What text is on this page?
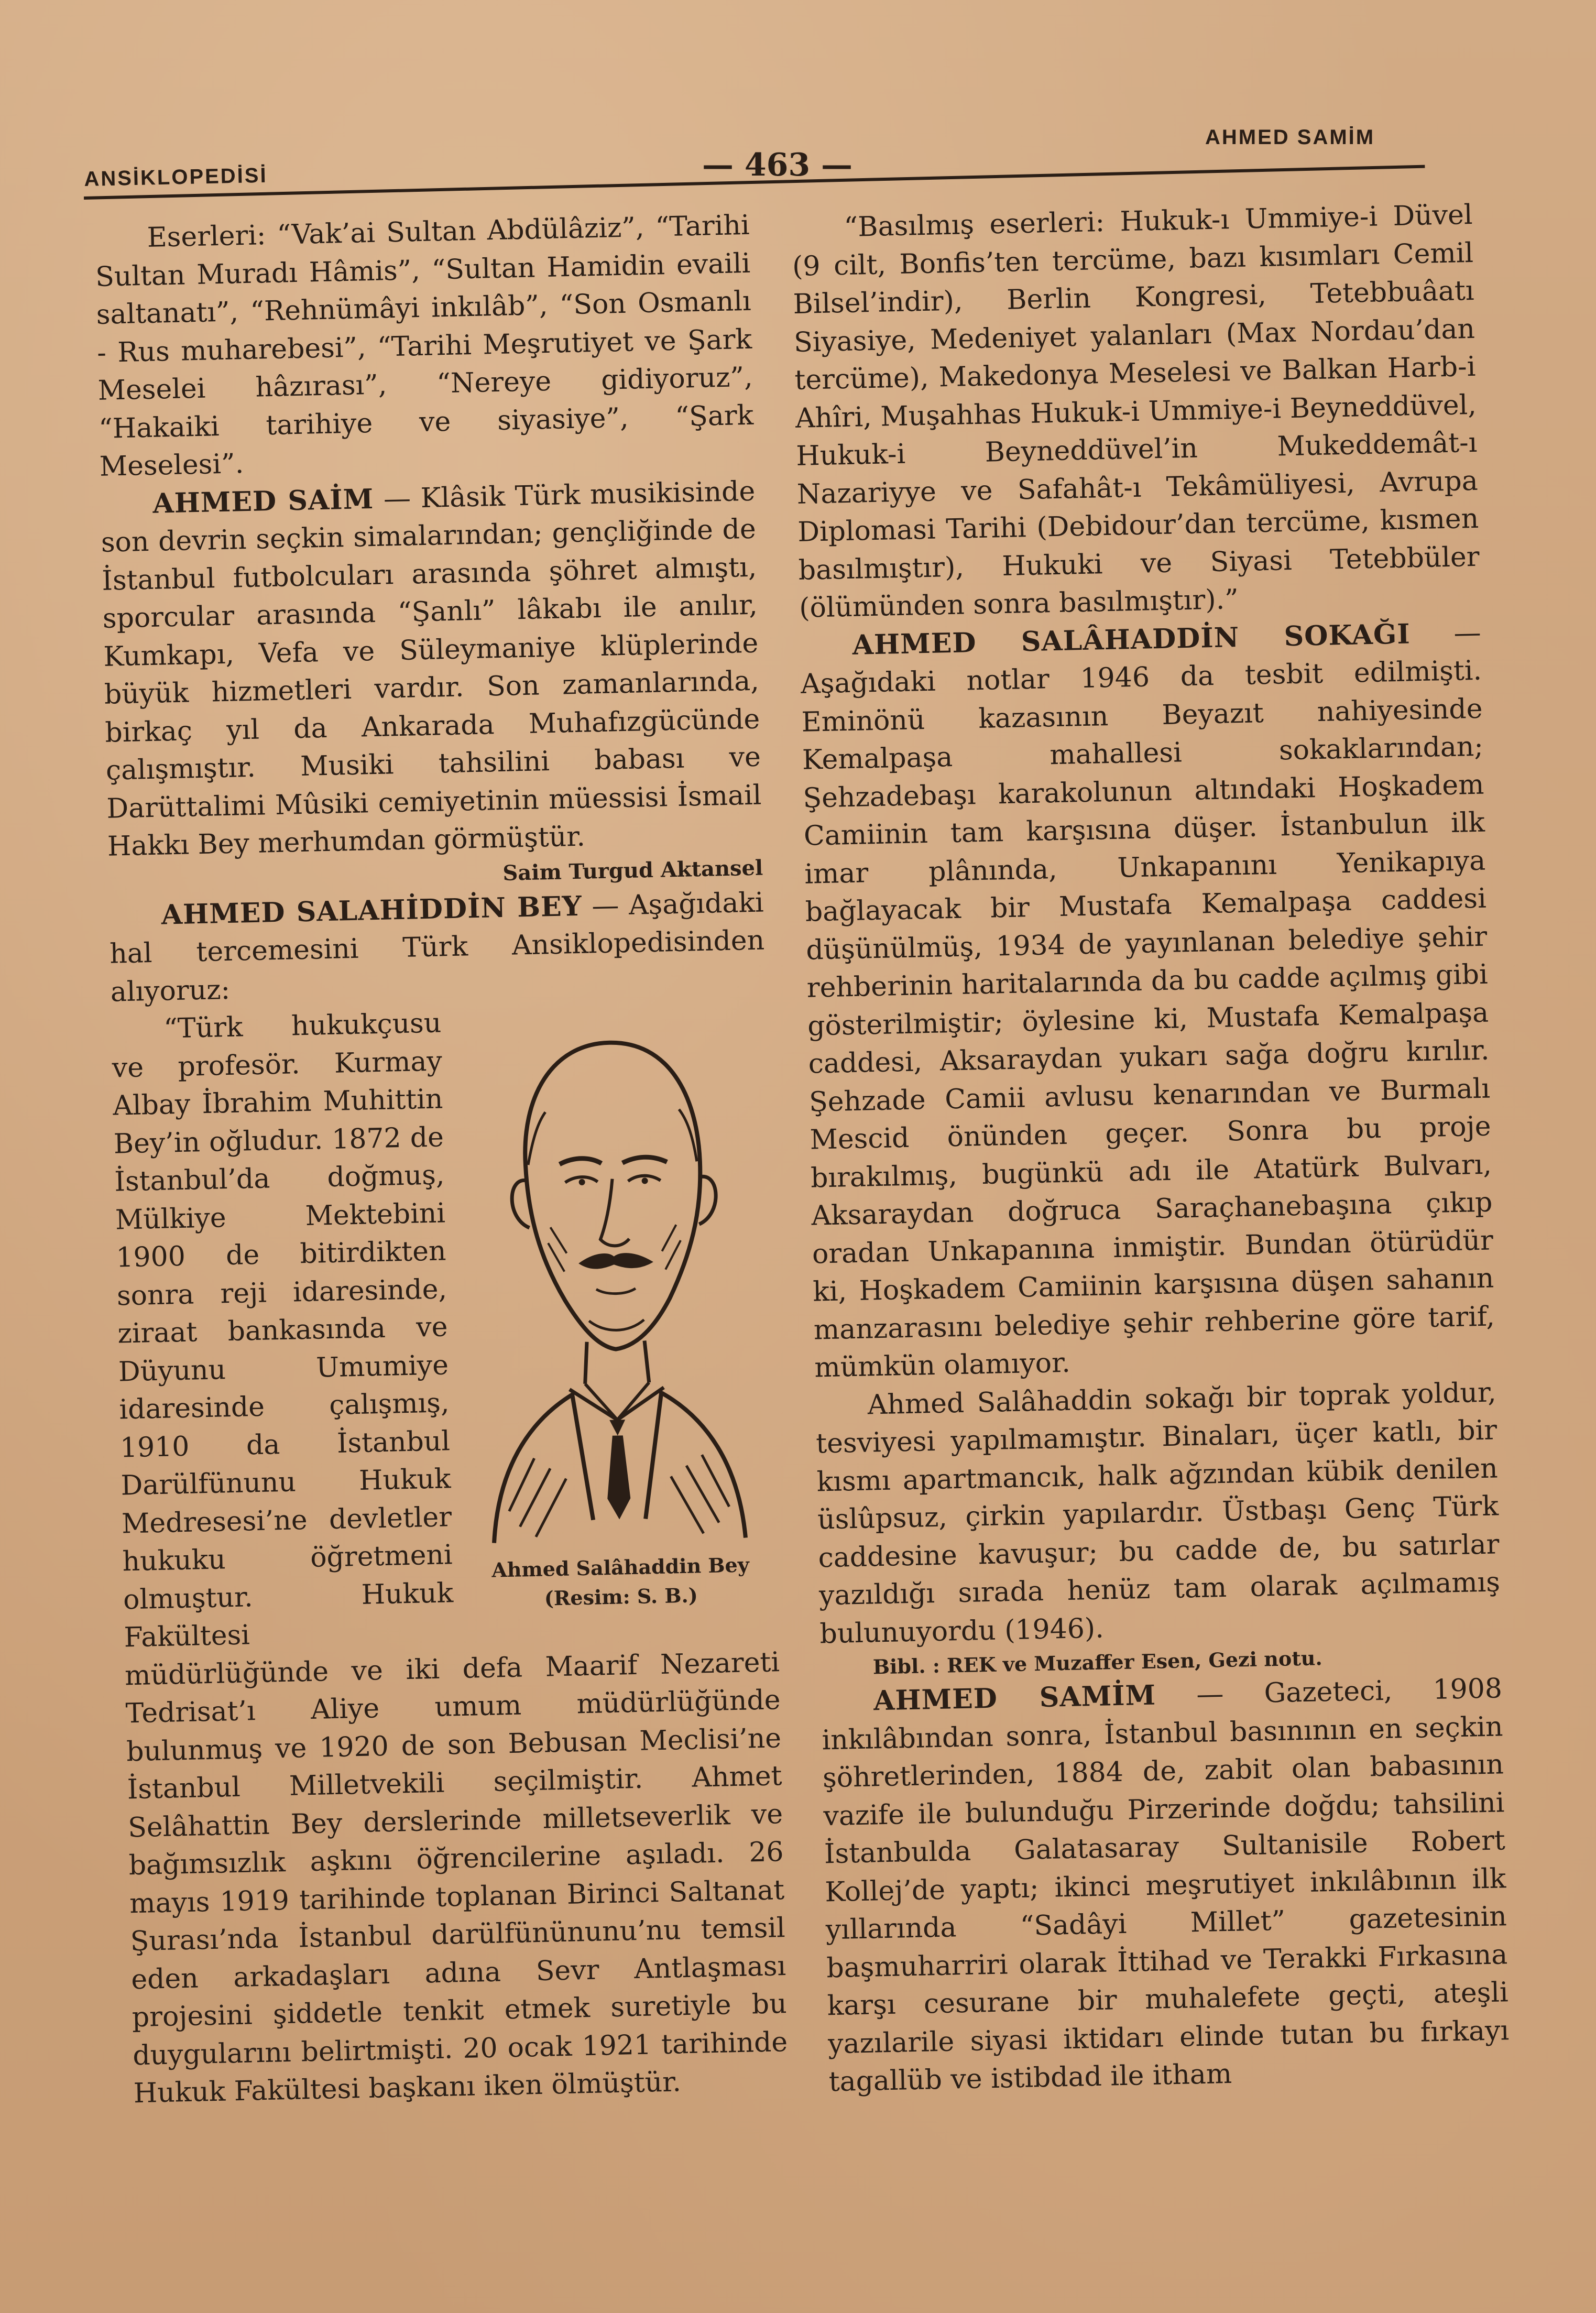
ANSİKLOPEDİSİ	— 463 —
AHMED SAMİM

Eserleri: “Vak’ai Sultan Abdülâziz”, “Tarihi Sultan Muradı Hâmis”, “Sultan Hamidin evaili saltanatı”, “Rehnümâyi inkılâb”, “Son Osmanlı - Rus muharebesi”, “Tarihi Meşrutiyet ve Şark Meselei hâzırası”, “Nereye gidiyoruz”, “Hakaiki tarihiye ve siyasiye”, “Şark Meselesi”.

AHMED SAİM — Klâsik Türk musikisinde son devrin seçkin simalarından; gençliğinde de İstanbul futbolcuları arasında şöhret almıştı, sporcular arasında “Şanlı” lâkabı ile anılır, Kumkapı, Vefa ve Süleymaniye klüplerinde büyük hizmetleri vardır. Son zamanlarında, birkaç yıl da Ankarada Muhafızgücünde çalışmıştır. Musiki tahsilini babası ve Darüttalimi Mûsiki cemiyetinin müessisi İsmail Hakkı Bey merhumdan görmüştür.

Saim Turgud Aktansel

AHMED SALAHİDDİN BEY — Aşağıdaki hal tercemesini Türk Ansiklopedisinden alıyoruz:

Ahmed Salâhaddin Bey
(Resim: S. B.)

“Türk hukukçusu ve profesör. Kurmay Albay İbrahim Muhittin Bey’in oğludur. 1872 de İstanbul’da doğmuş, Mülkiye Mektebini 1900 de bitirdikten sonra reji idaresinde, ziraat bankasında ve Düyunu Umumiye idaresinde çalışmış, 1910 da İstanbul Darülfünunu Hukuk Medresesi’ne devletler hukuku öğretmeni olmuştur. Hukuk Fakültesi müdürlüğünde ve iki defa Maarif Nezareti Tedrisat’ı Aliye umum müdürlüğünde bulunmuş ve 1920 de son Bebusan Meclisi’ne İstanbul Milletvekili seçilmiştir. Ahmet Selâhattin Bey derslerinde milletseverlik ve bağımsızlık aşkını öğrencilerine aşıladı. 26 mayıs 1919 tarihinde toplanan Birinci Saltanat Şurası’nda İstanbul darülfününunu’nu temsil eden arkadaşları adına Sevr Antlaşması projesini şiddetle tenkit etmek suretiyle bu duygularını belirtmişti. 20 ocak 1921 tarihinde Hukuk Fakültesi başkanı iken ölmüştür.

“Basılmış eserleri: Hukuk-ı Ummiye-i Düvel (9 cilt, Bonfis’ten tercüme, bazı kısımları Cemil Bilsel’indir), Berlin Kongresi, Tetebbuâatı Siyasiye, Medeniyet yalanları (Max Nordau’dan tercüme), Makedonya Meselesi ve Balkan Harb-i Ahîri, Muşahhas Hukuk-i Ummiye-i Beyneddüvel, Hukuk-i Beyneddüvel’in Mukeddemât-ı Nazariyye ve Safahât-ı Tekâmüliyesi, Avrupa Diplomasi Tarihi (Debidour’dan tercüme, kısmen basılmıştır), Hukuki ve Siyasi Tetebbüler (ölümünden sonra basılmıştır).”

AHMED SALÂHADDİN SOKAĞI — Aşağıdaki notlar 1946 da tesbit edilmişti. Eminönü kazasının Beyazıt nahiyesinde Kemalpaşa mahallesi sokaklarından; Şehzadebaşı karakolunun altındaki Hoşkadem Camiinin tam karşısına düşer. İstanbulun ilk imar plânında, Unkapanını Yenikapıya bağlayacak bir Mustafa Kemalpaşa caddesi düşünülmüş, 1934 de yayınlanan belediye şehir rehberinin haritalarında da bu cadde açılmış gibi gösterilmiştir; öylesine ki, Mustafa Kemalpaşa caddesi, Aksaraydan yukarı sağa doğru kırılır. Şehzade Camii avlusu kenarından ve Burmalı Mescid önünden geçer. Sonra bu proje bırakılmış, bugünkü adı ile Atatürk Bulvarı, Aksaraydan doğruca Saraçhanebaşına çıkıp oradan Unkapanına inmiştir. Bundan ötürüdür ki, Hoşkadem Camiinin karşısına düşen sahanın manzarasını belediye şehir rehberine göre tarif, mümkün olamıyor.

Ahmed Salâhaddin sokağı bir toprak yoldur, tesviyesi yapılmamıştır. Binaları, üçer katlı, bir kısmı apartmancık, halk ağzından kübik denilen üslûpsuz, çirkin yapılardır. Üstbaşı Genç Türk caddesine kavuşur; bu cadde de, bu satırlar yazıldığı sırada henüz tam olarak açılmamış bulunuyordu (1946).

Bibl. : REK ve Muzaffer Esen, Gezi notu.

AHMED SAMİM — Gazeteci, 1908 inkılâbından sonra, İstanbul basınının en seçkin şöhretlerinden, 1884 de, zabit olan babasının vazife ile bulunduğu Pirzerinde doğdu; tahsilini İstanbulda Galatasaray Sultanisile Robert Kollej’de yaptı; ikinci meşrutiyet inkılâbının ilk yıllarında “Sadâyi Millet” gazetesinin başmuharriri olarak İttihad ve Terakki Fırkasına karşı cesurane bir muhalefete geçti, ateşli yazılarile siyasi iktidarı elinde tutan bu fırkayı tagallüb ve istibdad ile itham
